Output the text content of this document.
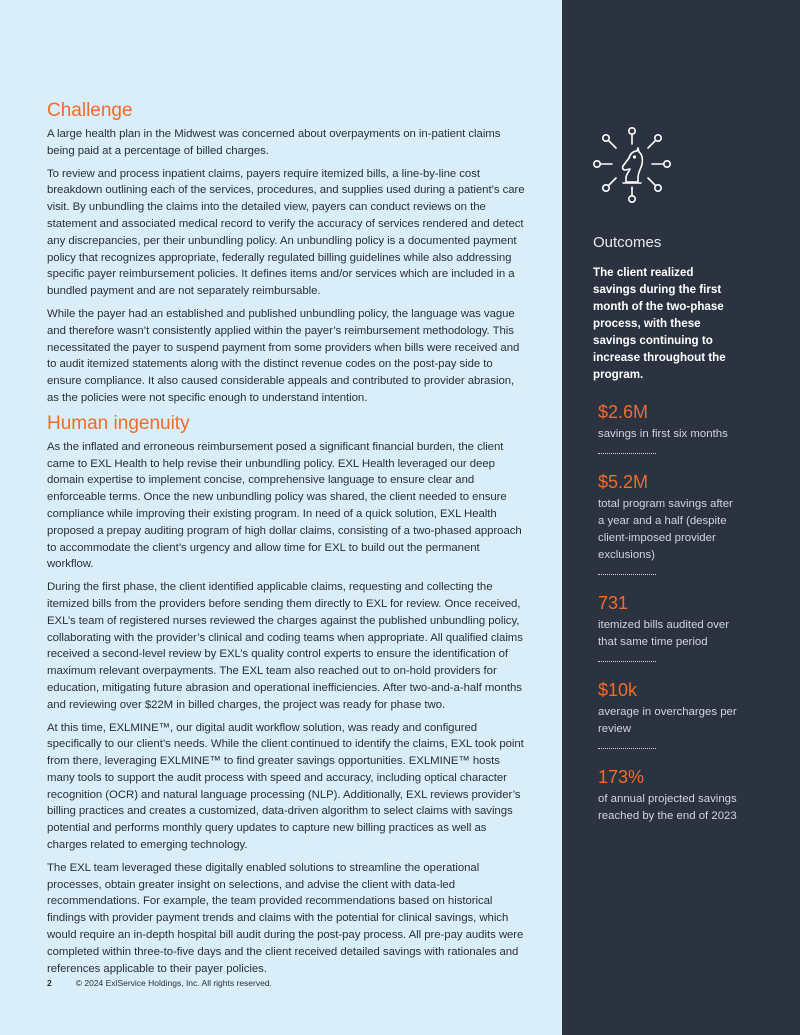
Challenge

A large health plan in the Midwest was concerned about overpayments on in-patient claims being paid at a percentage of billed charges.

To review and process inpatient claims, payers require itemized bills, a line-by-line cost breakdown outlining each of the services, procedures, and supplies used during a patient’s care visit. By unbundling the claims into the detailed view, payers can conduct reviews on the statement and associated medical record to verify the accuracy of services rendered and detect any discrepancies, per their unbundling policy. An unbundling policy is a documented payment policy that recognizes appropriate, federally regulated billing guidelines while also addressing specific payer reimbursement policies. It defines items and/or services which are included in a bundled payment and are not separately reimbursable.

While the payer had an established and published unbundling policy, the language was vague and therefore wasn’t consistently applied within the payer’s reimbursement methodology. This necessitated the payer to suspend payment from some providers when bills were received and to audit itemized statements along with the distinct revenue codes on the post-pay side to ensure compliance. It also caused considerable appeals and contributed to provider abrasion, as the policies were not specific enough to understand intention.

Human ingenuity

As the inflated and erroneous reimbursement posed a significant financial burden, the client came to EXL Health to help revise their unbundling policy. EXL Health leveraged our deep domain expertise to implement concise, comprehensive language to ensure clear and enforceable terms. Once the new unbundling policy was shared, the client needed to ensure compliance while improving their existing program. In need of a quick solution, EXL Health proposed a prepay auditing program of high dollar claims, consisting of a two-phased approach to accommodate the client’s urgency and allow time for EXL to build out the permanent workflow.

During the first phase, the client identified applicable claims, requesting and collecting the itemized bills from the providers before sending them directly to EXL for review. Once received, EXL’s team of registered nurses reviewed the charges against the published unbundling policy, collaborating with the provider’s clinical and coding teams when appropriate. All qualified claims received a second-level review by EXL’s quality control experts to ensure the identification of maximum relevant overpayments. The EXL team also reached out to on-hold providers for education, mitigating future abrasion and operational inefficiencies. After two-and-a-half months and reviewing over $22M in billed charges, the project was ready for phase two.

At this time, EXLMINE™, our digital audit workflow solution, was ready and configured specifically to our client’s needs. While the client continued to identify the claims, EXL took point from there, leveraging EXLMINE™ to find greater savings opportunities. EXLMINE™ hosts many tools to support the audit process with speed and accuracy, including optical character recognition (OCR) and natural language processing (NLP). Additionally, EXL reviews provider’s billing practices and creates a customized, data-driven algorithm to select claims with savings potential and performs monthly query updates to capture new billing practices as well as charges related to emerging technology.

The EXL team leveraged these digitally enabled solutions to streamline the operational processes, obtain greater insight on selections, and advise the client with data-led recommendations. For example, the team provided recommendations based on historical findings with provider payment trends and claims with the potential for clinical savings, which would require an in-depth hospital bill audit during the post-pay process. All pre-pay audits were completed within three-to-five days and the client received detailed savings with rationales and references applicable to their payer policies.

2	© 2024 ExlService Holdings, Inc. All rights reserved.
Outcomes
The client realized savings during the first month of the two-phase process, with these savings continuing to increase throughout the program.
$2.6M
savings in first six months
$5.2M
total program savings after a year and a half (despite client-imposed provider exclusions)
731
itemized bills audited over that same time period
$10k
average in overcharges per review
173%
of annual projected savings reached by the end of 2023
